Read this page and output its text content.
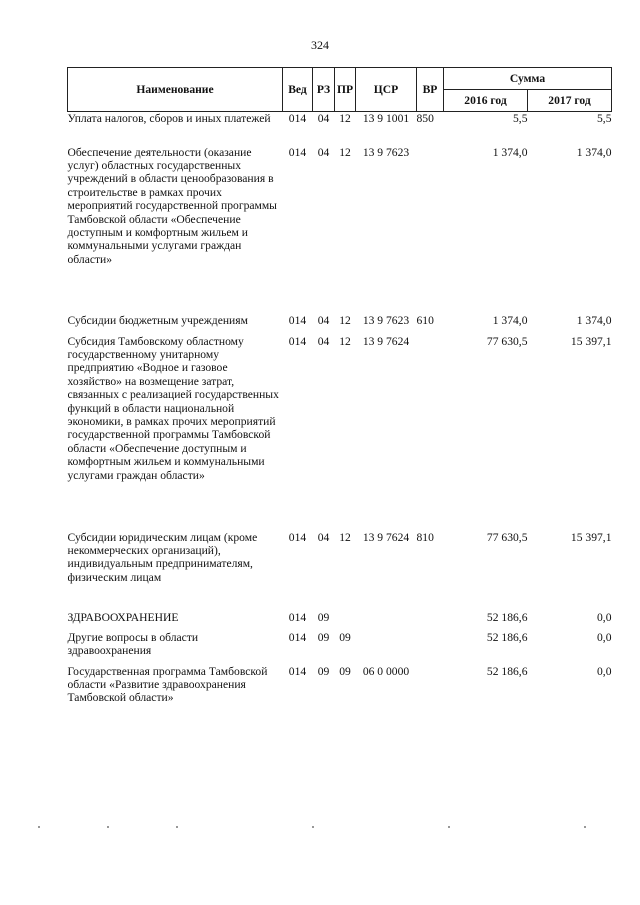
324
Наименование	Вед	РЗ	ПР	ЦСР	ВР	Сумма	
						2016 год	2017 год
Уплата налогов, сборов и иных платежей	014	04	12	13 9 1001	850	5,5	5,5
Обеспечение деятельности (оказание услуг) областных государственных учреждений в области ценообразования в строительстве в рамках прочих мероприятий государственной программы Тамбовской области «Обеспечение доступным и комфортным жильем и коммунальными услугами граждан области»	014	04	12	13 9 7623		1 374,0	1 374,0
Субсидии бюджетным учреждениям	014	04	12	13 9 7623	610	1 374,0	1 374,0
Субсидия Тамбовскому областному государственному унитарному предприятию «Водное и газовое хозяйство» на возмещение затрат, связанных с реализацией государственных функций в области национальной экономики, в рамках прочих мероприятий государственной программы Тамбовской области «Обеспечение доступным и комфортным жильем и коммунальными услугами граждан области»	014	04	12	13 9 7624		77 630,5	15 397,1
Субсидии юридическим лицам (кроме некоммерческих организаций), индивидуальным предпринимателям, физическим лицам	014	04	12	13 9 7624	810	77 630,5	15 397,1
ЗДРАВООХРАНЕНИЕ	014	09				52 186,6	0,0
Другие вопросы в области здравоохранения	014	09	09			52 186,6	0,0
Государственная программа Тамбовской области «Развитие здравоохранения Тамбовской области»	014	09	09	06 0 0000		52 186,6	0,0
